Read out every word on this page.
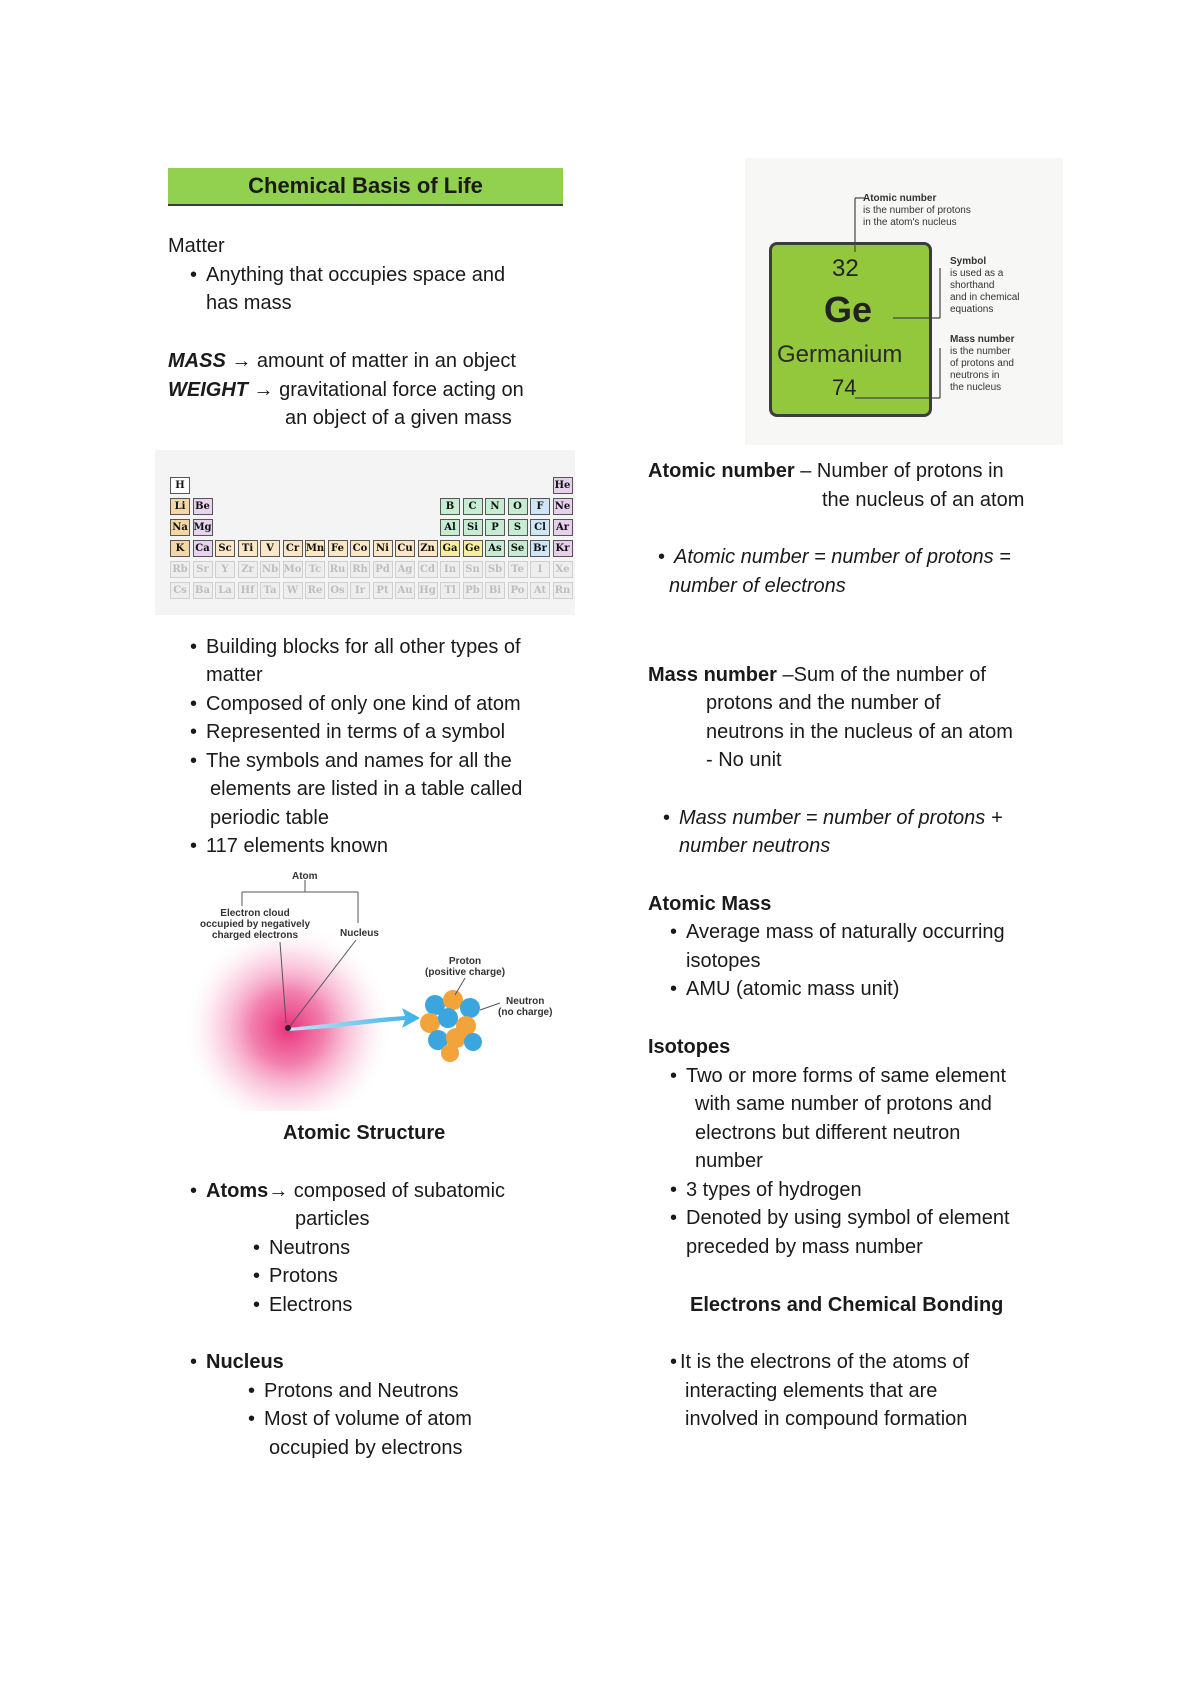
Chemical Basis of Life
Matter
• Anything that occupies space and
has mass
MASS → amount of matter in an object
WEIGHT → gravitational force acting on
an object of a given mass
H	He
Li Be	B	C	N	O	F	Ne
Na Mg	Al	Si	P	S	Cl	Ar
K	Ca Sc	Ti	V	Cr Mn Fe Co Ni Cu Zn Ga Ge As Se Br Kr
Rb Sr	Y	Zr Nb Mo Tc Ru Rh Pd Ag Cd In Sn Sb Te	I	Xe
Cs Ba La Hf Ta	W Re Os	Ir	Pt Au Hg Tl Pb Bi Po At Rn
• Building blocks for all other types of
matter
• Composed of only one kind of atom
• Represented in terms of a symbol
• The symbols and names for all the
elements are listed in a table called
periodic table
• 117 elements known
Atom
Electron cloud
occupied by negatively
charged electrons	Nucleus
Proton
(positive charge)
Neutron
(no charge)
Atomic Structure
• Atoms→ composed of subatomic
particles
• Neutrons
• Protons
• Electrons
• Nucleus
• Protons and Neutrons
• Most of volume of atom
occupied by electrons
32
Ge
Germanium
74
Atomic number
is the number of protons
in the atom's nucleus
Symbol
is used as a
shorthand
and in chemical
equations
Mass number
is the number
of protons and
neutrons in
the nucleus
Atomic number – Number of protons in
the nucleus of an atom
• Atomic number = number of protons =
number of electrons
Mass number –Sum of the number of
protons and the number of
neutrons in the nucleus of an atom
- No unit
• Mass number = number of protons +
number neutrons
Atomic Mass
• Average mass of naturally occurring
isotopes
• AMU (atomic mass unit)
Isotopes
• Two or more forms of same element
with same number of protons and
electrons but different neutron
number
• 3 types of hydrogen
• Denoted by using symbol of element
preceded by mass number
Electrons and Chemical Bonding
• It is the electrons of the atoms of
interacting elements that are
involved in compound formation
